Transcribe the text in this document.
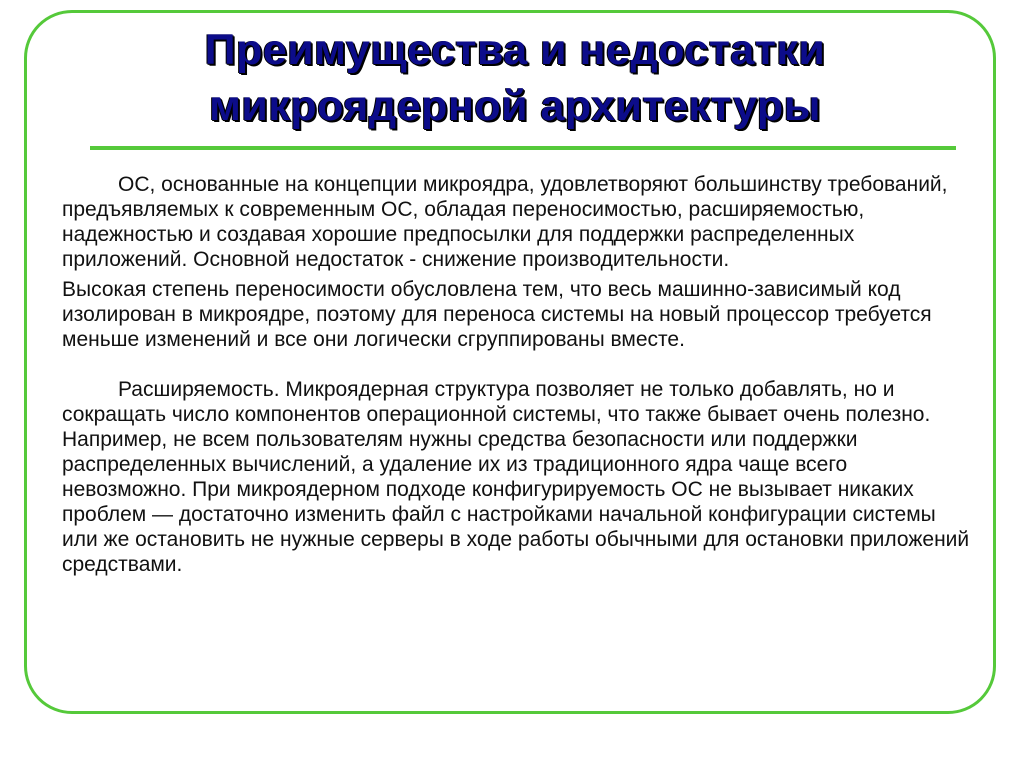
Преимущества и недостатки
микроядерной архитектуры

ОС, основанные на концепции микроядра, удовлетворяют большинству требований, предъявляемых к современным ОС, обладая переносимостью, расширяемостью, надежностью и создавая хорошие предпосылки для поддержки распределенных приложений. Основной недостаток - снижение производительности.

Высокая степень переносимости обусловлена тем, что весь машинно-зависимый код изолирован в микроядре, поэтому для переноса системы на новый процессор требуется меньше изменений и все они логически сгруппированы вместе.

Расширяемость. Микроядерная структура позволяет не только добавлять, но и сокращать число компонентов операционной системы, что также бывает очень полезно. Например, не всем пользователям нужны средства безопасности или поддержки распределенных вычислений, а удаление их из традиционного ядра чаще всего невозможно. При микроядерном подходе конфигурируемость ОС не вызывает никаких проблем — достаточно изменить файл с настройками начальной конфигурации системы или же остановить не нужные серверы в ходе работы обычными для остановки приложений средствами.
